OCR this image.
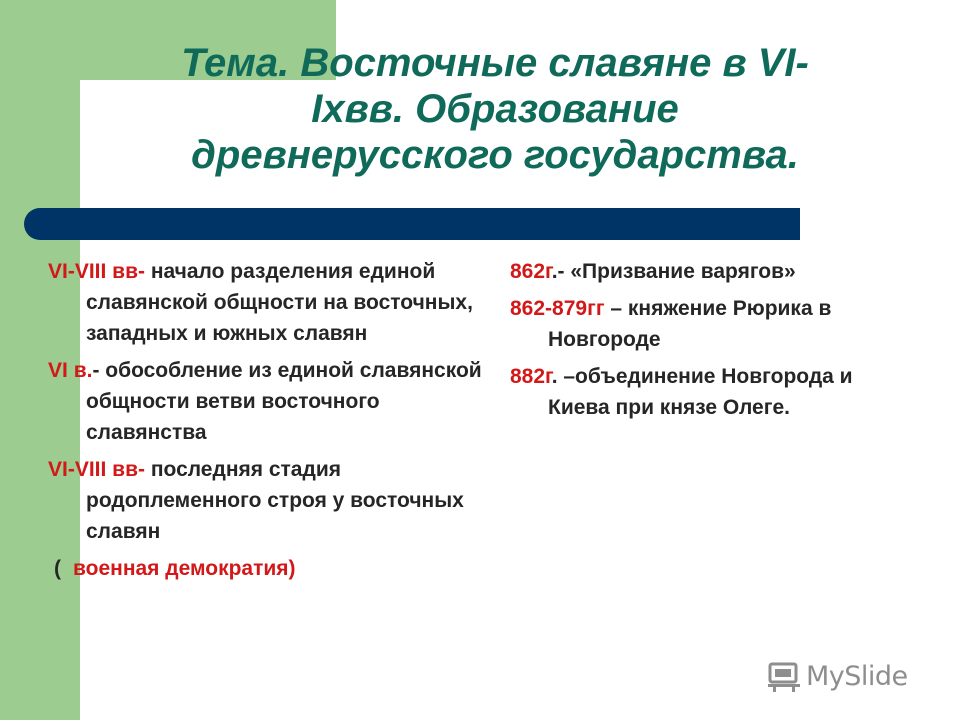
Тема. Восточные славяне в VI-
Ixвв. Образование
древнерусского государства.

VI-VIII вв- начало разделения единой славянской общности на восточных, западных и южных славян

VI в.- обособление из единой славянской общности ветви восточного славянства

VI-VIII вв- последняя стадия родоплеменного строя у восточных славян

( военная демократия)

862г.- «Призвание варягов»

862-879гг – княжение Рюрика в Новгороде

882г. –объединение Новгорода и Киева при князе Олеге.

MySlide
